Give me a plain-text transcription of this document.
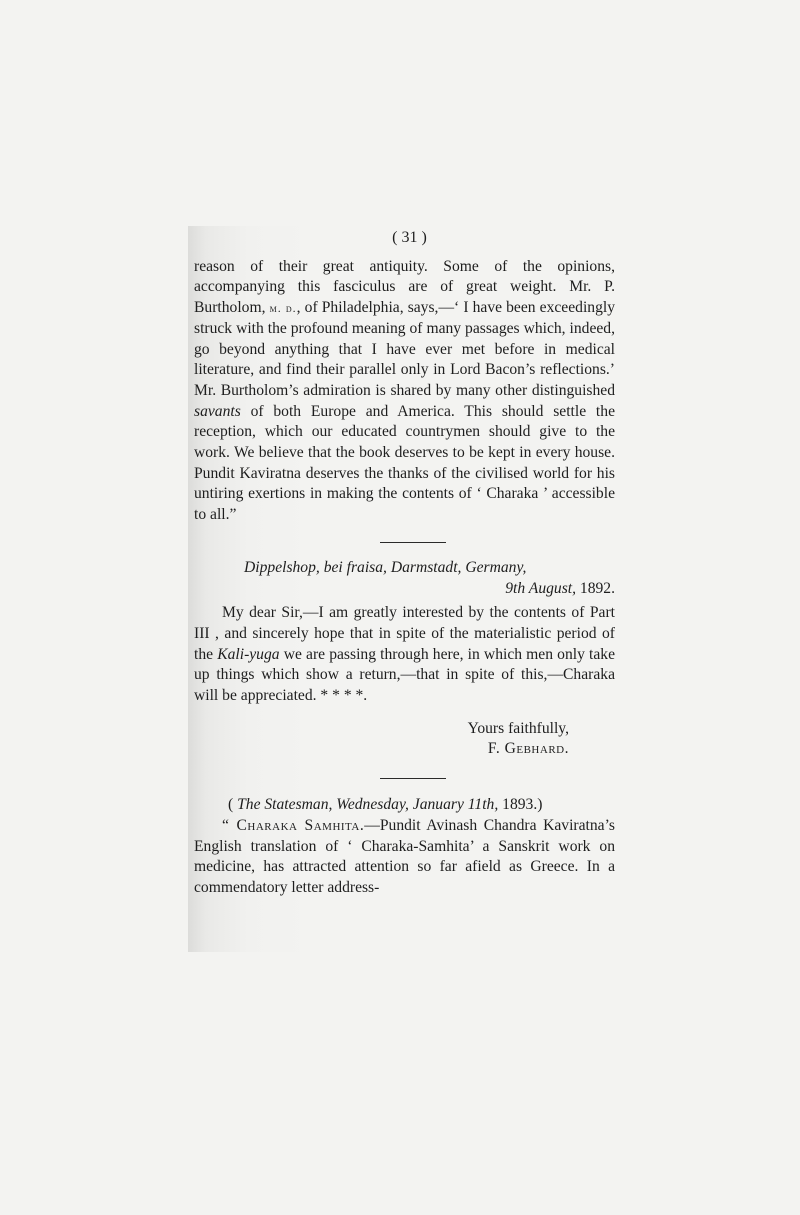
( 31 )

reason of their great antiquity. Some of the opinions, accompanying this fasciculus are of great weight. Mr. P. Burtholom, m. d., of Philadelphia, says,—‘ I have been exceedingly struck with the profound meaning of many passages which, indeed, go beyond anything that I have ever met before in medical literature, and find their parallel only in Lord Bacon’s reflections.’ Mr. Burtholom’s admiration is shared by many other distinguished savants of both Europe and America. This should settle the reception, which our educated countrymen should give to the work. We believe that the book deserves to be kept in every house. Pundit Kaviratna deserves the thanks of the civilised world for his untiring exertions in making the contents of ‘ Charaka ’ accessible to all.”

Dippelshop, bei fraisa, Darmstadt, Germany,

9th August, 1892.

My dear Sir,—I am greatly interested by the contents of Part III , and sincerely hope that in spite of the materialistic period of the Kali-yuga we are passing through here, in which men only take up things which show a return,—that in spite of this,—Charaka will be appreciated. * * * *.

Yours faithfully,

F. Gebhard.

( The Statesman, Wednesday, January 11th, 1893.)

“ Charaka Samhita.—Pundit Avinash Chandra Kaviratna’s English translation of ‘ Charaka-Samhita’ a Sanskrit work on medicine, has attracted attention so far afield as Greece. In a commendatory letter address-
